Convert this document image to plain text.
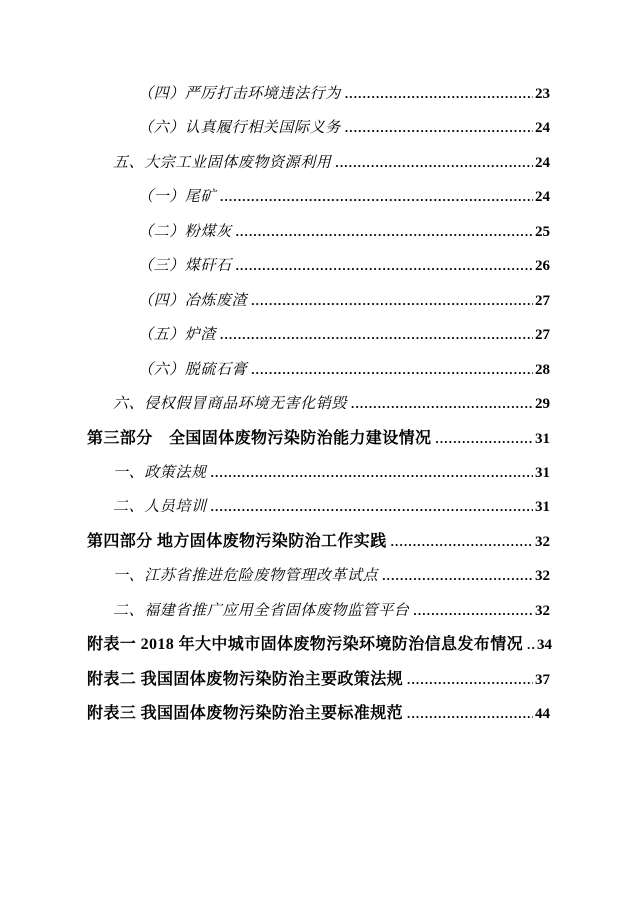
（四）严厉打击环境违法行为 .....	23
（六）认真履行相关国际义务 .....	24
五、大宗工业固体废物资源利用 .....	24
（一）尾矿 .....	24
（二）粉煤灰 .....	25
（三）煤矸石 .....	26
（四）冶炼废渣 .....	27
（五）炉渣 .....	27
（六）脱硫石膏 .....	28
六、侵权假冒商品环境无害化销毁 .....	29
第三部分　全国固体废物污染防治能力建设情况 .....	31
一、政策法规 .....	31
二、人员培训 .....	31
第四部分 地方固体废物污染防治工作实践 .....	32
一、江苏省推进危险废物管理改革试点 .....	32
二、福建省推广应用全省固体废物监管平台 .....	32
附表一 2018 年大中城市固体废物污染环境防治信息发布情况 ..... 34
附表二 我国固体废物污染防治主要政策法规 .....	37
附表三 我国固体废物污染防治主要标准规范 .....	44
